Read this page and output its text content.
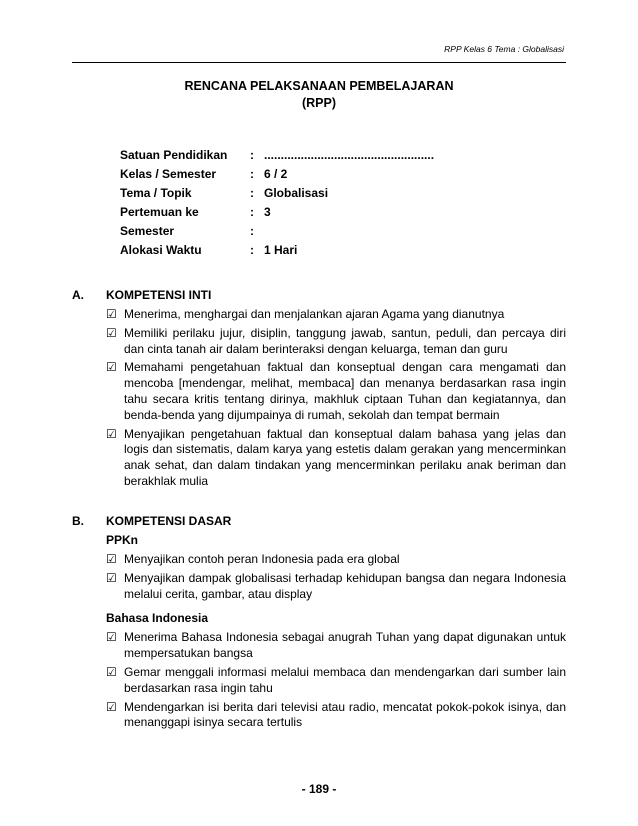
RPP Kelas 6 Tema : Globalisasi
RENCANA PELAKSANAAN PEMBELAJARAN
(RPP)
Satuan Pendidikan	: ...................................................
Kelas / Semester	: 6 / 2
Tema / Topik	: Globalisasi
Pertemuan ke	: 3
Semester	:
Alokasi Waktu	: 1 Hari
A.	KOMPETENSI INTI
☑ Menerima, menghargai dan menjalankan ajaran Agama yang dianutnya
☑ Memiliki perilaku jujur, disiplin, tanggung jawab, santun, peduli, dan percaya diri dan cinta tanah air dalam berinteraksi dengan keluarga, teman dan guru
☑ Memahami pengetahuan faktual dan konseptual dengan cara mengamati dan mencoba [mendengar, melihat, membaca] dan menanya berdasarkan rasa ingin tahu secara kritis tentang dirinya, makhluk ciptaan Tuhan dan kegiatannya, dan benda-benda yang dijumpainya di rumah, sekolah dan tempat bermain
☑ Menyajikan pengetahuan faktual dan konseptual dalam bahasa yang jelas dan logis dan sistematis, dalam karya yang estetis dalam gerakan yang mencerminkan anak sehat, dan dalam tindakan yang mencerminkan perilaku anak beriman dan berakhlak mulia
B.	KOMPETENSI DASAR
PPKn
☑ Menyajikan contoh peran Indonesia pada era global
☑ Menyajikan dampak globalisasi terhadap kehidupan bangsa dan negara Indonesia melalui cerita, gambar, atau display
Bahasa Indonesia
☑ Menerima Bahasa Indonesia sebagai anugrah Tuhan yang dapat digunakan untuk mempersatukan bangsa
☑ Gemar menggali informasi melalui membaca dan mendengarkan dari sumber lain berdasarkan rasa ingin tahu
☑ Mendengarkan isi berita dari televisi atau radio, mencatat pokok-pokok isinya, dan menanggapi isinya secara tertulis
- 189 -
